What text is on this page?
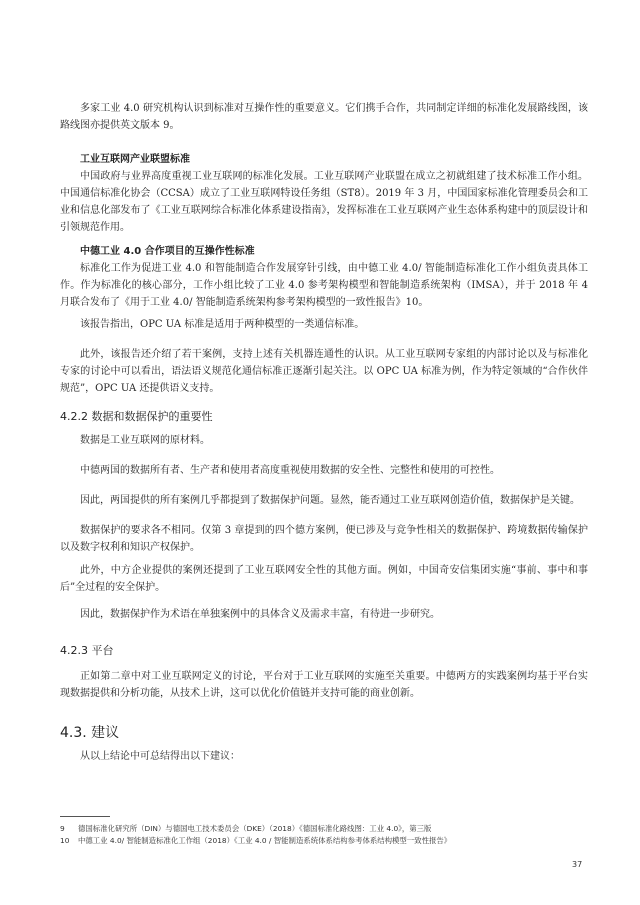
多家工业 4.0 研究机构认识到标准对互操作性的重要意义。它们携手合作，共同制定详细的标准化发展路线图，该路线图亦提供英文版本 9。

工业互联网产业联盟标准

中国政府与业界高度重视工业互联网的标准化发展。工业互联网产业联盟在成立之初就组建了技术标准工作小组。中国通信标准化协会（CCSA）成立了工业互联网特设任务组（ST8）。2019 年 3 月，中国国家标准化管理委员会和工业和信息化部发布了《工业互联网综合标准化体系建设指南》，发挥标准在工业互联网产业生态体系构建中的顶层设计和引领规范作用。

中德工业 4.0 合作项目的互操作性标准

标准化工作为促进工业 4.0 和智能制造合作发展穿针引线，由中德工业 4.0/ 智能制造标准化工作小组负责具体工作。作为标准化的核心部分，工作小组比较了工业 4.0 参考架构模型和智能制造系统架构（IMSA），并于 2018 年 4 月联合发布了《用于工业 4.0/ 智能制造系统架构参考架构模型的一致性报告》10。

该报告指出，OPC UA 标准是适用于两种模型的一类通信标准。

此外，该报告还介绍了若干案例，支持上述有关机器连通性的认识。从工业互联网专家组的内部讨论以及与标准化专家的讨论中可以看出，语法语义规范化通信标准正逐渐引起关注。以 OPC UA 标准为例，作为特定领域的“合作伙伴规范”，OPC UA 还提供语义支持。

4.2.2 数据和数据保护的重要性

数据是工业互联网的原材料。

中德两国的数据所有者、生产者和使用者高度重视使用数据的安全性、完整性和使用的可控性。

因此，两国提供的所有案例几乎都提到了数据保护问题。显然，能否通过工业互联网创造价值，数据保护是关键。

数据保护的要求各不相同。仅第 3 章提到的四个德方案例，便已涉及与竞争性相关的数据保护、跨境数据传输保护以及数字权利和知识产权保护。

此外，中方企业提供的案例还提到了工业互联网安全性的其他方面。例如，中国奇安信集团实施“事前、事中和事后”全过程的安全保护。

因此，数据保护作为术语在单独案例中的具体含义及需求丰富，有待进一步研究。

4.2.3 平台

正如第二章中对工业互联网定义的讨论，平台对于工业互联网的实施至关重要。中德两方的实践案例均基于平台实现数据提供和分析功能，从技术上讲，这可以优化价值链并支持可能的商业创新。

4.3. 建议

从以上结论中可总结得出以下建议：

9 德国标准化研究所（DIN）与德国电工技术委员会（DKE）（2018）《德国标准化路线图：工业 4.0》，第三版

10 中德工业 4.0/ 智能制造标准化工作组（2018）《工业 4.0 / 智能制造系统体系结构参考体系结构模型一致性报告》

37
